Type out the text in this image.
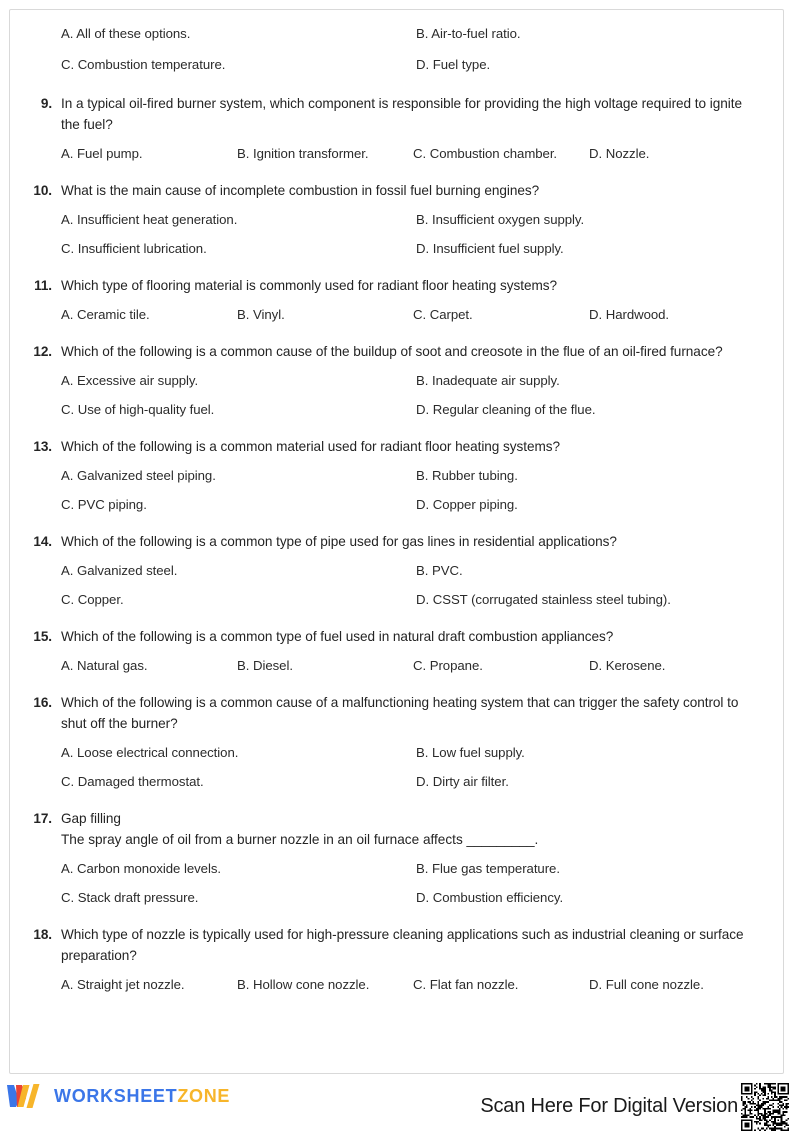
A. All of these options.	B. Air-to-fuel ratio.
C. Combustion temperature.	D. Fuel type.
9. In a typical oil-fired burner system, which component is responsible for providing the high voltage required to ignite the fuel?

A. Fuel pump.	B. Ignition transformer.	C. Combustion chamber.	D. Nozzle.
10. What is the main cause of incomplete combustion in fossil fuel burning engines?

A. Insufficient heat generation.	B. Insufficient oxygen supply.
C. Insufficient lubrication.	D. Insufficient fuel supply.
11. Which type of flooring material is commonly used for radiant floor heating systems?

A. Ceramic tile.	B. Vinyl.	C. Carpet.	D. Hardwood.
12. Which of the following is a common cause of the buildup of soot and creosote in the flue of an oil-fired furnace?

A. Excessive air supply.	B. Inadequate air supply.
C. Use of high-quality fuel.	D. Regular cleaning of the flue.
13. Which of the following is a common material used for radiant floor heating systems?

A. Galvanized steel piping.	B. Rubber tubing.
C. PVC piping.	D. Copper piping.
14. Which of the following is a common type of pipe used for gas lines in residential applications?

A. Galvanized steel.	B. PVC.
C. Copper.	D. CSST (corrugated stainless steel tubing).
15. Which of the following is a common type of fuel used in natural draft combustion appliances?

A. Natural gas.	B. Diesel.	C. Propane.	D. Kerosene.
16. Which of the following is a common cause of a malfunctioning heating system that can trigger the safety control to shut off the burner?

A. Loose electrical connection.	B. Low fuel supply.
C. Damaged thermostat.	D. Dirty air filter.
17. Gap filling

The spray angle of oil from a burner nozzle in an oil furnace affects _________.

A. Carbon monoxide levels.	B. Flue gas temperature.
C. Stack draft pressure.	D. Combustion efficiency.
18. Which type of nozzle is typically used for high-pressure cleaning applications such as industrial cleaning or surface preparation?

A. Straight jet nozzle.	B. Hollow cone nozzle.	C. Flat fan nozzle.	D. Full cone nozzle.
WORKSHEETZONE	Scan Here For Digital Version
